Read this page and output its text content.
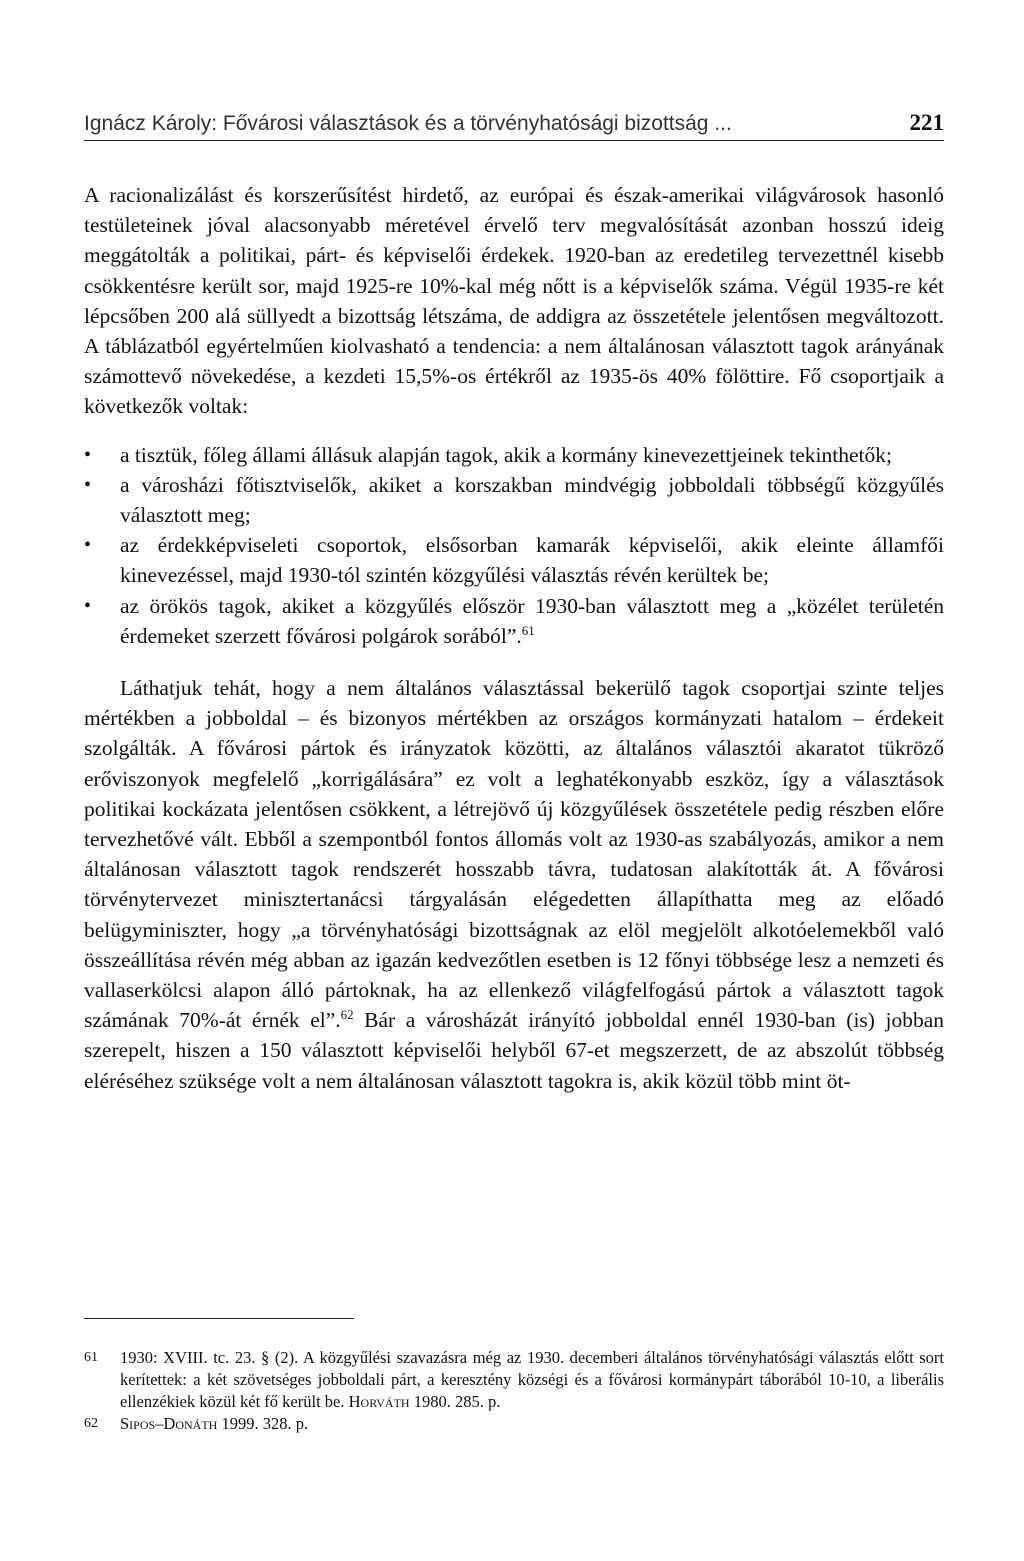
Ignácz Károly: Fővárosi választások és a törvényhatósági bizottság ...	221

A racionalizálást és korszerűsítést hirdető, az európai és észak-amerikai világvárosok hasonló testületeinek jóval alacsonyabb méretével érvelő terv megvalósítását azonban hosszú ideig meggátolták a politikai, párt- és képviselői érdekek. 1920-ban az eredetileg tervezettnél kisebb csökkentésre került sor, majd 1925-re 10%-kal még nőtt is a képviselők száma. Végül 1935-re két lépcsőben 200 alá süllyedt a bizottság létszáma, de addigra az összetétele jelentősen megváltozott. A táblázatból egyértelműen kiolvasható a tendencia: a nem általánosan választott tagok arányának számottevő növekedése, a kezdeti 15,5%-os értékről az 1935-ös 40% fölöttire. Fő csoportjaik a következők voltak:

• a tisztük, főleg állami állásuk alapján tagok, akik a kormány kinevezettjeinek tekinthetők;
• a városházi főtisztviselők, akiket a korszakban mindvégig jobboldali többségű közgyűlés választott meg;
• az érdekképviseleti csoportok, elsősorban kamarák képviselői, akik eleinte államfői kinevezéssel, majd 1930-tól szintén közgyűlési választás révén kerültek be;
• az örökös tagok, akiket a közgyűlés először 1930-ban választott meg a „közélet területén érdemeket szerzett fővárosi polgárok sorából”.$^{61}$

Láthatjuk tehát, hogy a nem általános választással bekerülő tagok csoportjai szinte teljes mértékben a jobboldal – és bizonyos mértékben az országos kormányzati hatalom – érdekeit szolgálták. A fővárosi pártok és irányzatok közötti, az általános választói akaratot tükröző erőviszonyok megfelelő „korrigálására” ez volt a leghatékonyabb eszköz, így a választások politikai kockázata jelentősen csökkent, a létrejövő új közgyűlések összetétele pedig részben előre tervezhetővé vált. Ebből a szempontból fontos állomás volt az 1930-as szabályozás, amikor a nem általánosan választott tagok rendszerét hosszabb távra, tudatosan alakították át. A fővárosi törvénytervezet minisztertanácsi tárgyalásán elégedetten állapíthatta meg az előadó belügyminiszter, hogy „a törvényhatósági bizottságnak az elöl megjelölt alkotóelemekből való összeállítása révén még abban az igazán kedvezőtlen esetben is 12 főnyi többsége lesz a nemzeti és vallaserkölcsi alapon álló pártoknak, ha az ellenkező világfelfogású pártok a választott tagok számának 70%-át érnék el”.$^{62}$ Bár a városházát irányító jobboldal ennél 1930-ban (is) jobban szerepelt, hiszen a 150 választott képviselői helyből 67-et megszerzett, de az abszolút többség eléréséhez szüksége volt a nem általánosan választott tagokra is, akik közül több mint öt-

61 1930: XVIII. tc. 23. § (2). A közgyűlési szavazásra még az 1930. decemberi általános törvényhatósági választás előtt sort kerítettek: a két szövetséges jobboldali párt, a keresztény községi és a fővárosi kormánypárt táborából 10-10, a liberális ellenzékiek közül két fő került be. Horváth 1980. 285. p.
62 Sipos–Donáth 1999. 328. p.
